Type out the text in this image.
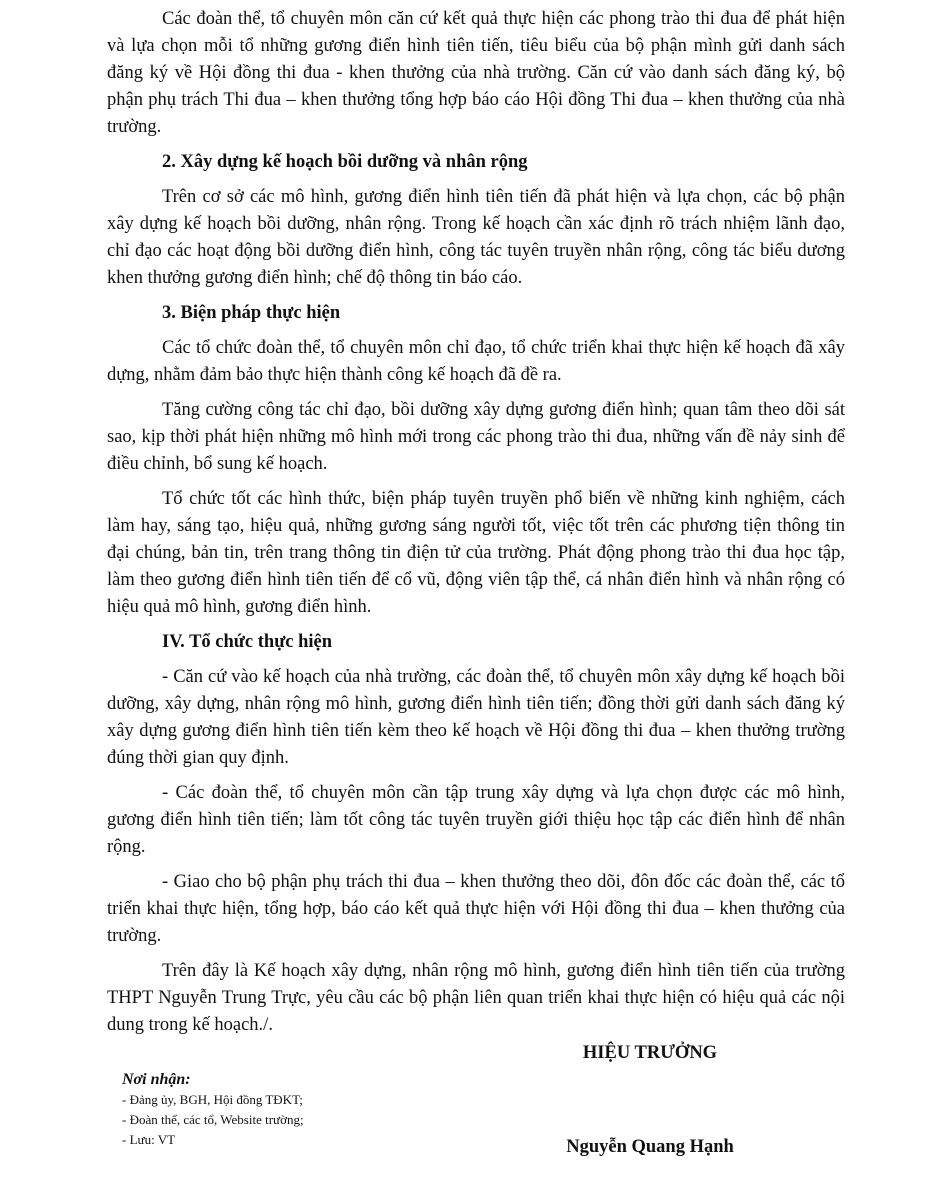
Các đoàn thể, tổ chuyên môn căn cứ kết quả thực hiện các phong trào thi đua để phát hiện và lựa chọn mỗi tổ những gương điển hình tiên tiến, tiêu biểu của bộ phận mình gửi danh sách đăng ký về Hội đồng thi đua - khen thưởng của nhà trường. Căn cứ vào danh sách đăng ký, bộ phận phụ trách Thi đua – khen thưởng tổng hợp báo cáo Hội đồng Thi đua – khen thưởng của nhà trường.

2. Xây dựng kế hoạch bồi dưỡng và nhân rộng

Trên cơ sở các mô hình, gương điển hình tiên tiến đã phát hiện và lựa chọn, các bộ phận xây dựng kế hoạch bồi dưỡng, nhân rộng. Trong kế hoạch cần xác định rõ trách nhiệm lãnh đạo, chỉ đạo các hoạt động bồi dưỡng điển hình, công tác tuyên truyền nhân rộng, công tác biểu dương khen thưởng gương điển hình; chế độ thông tin báo cáo.

3. Biện pháp thực hiện

Các tổ chức đoàn thể, tổ chuyên môn chỉ đạo, tổ chức triển khai thực hiện kế hoạch đã xây dựng, nhằm đảm bảo thực hiện thành công kế hoạch đã đề ra.

Tăng cường công tác chỉ đạo, bồi dưỡng xây dựng gương điển hình; quan tâm theo dõi sát sao, kịp thời phát hiện những mô hình mới trong các phong trào thi đua, những vấn đề nảy sinh để điều chỉnh, bổ sung kế hoạch.

Tổ chức tốt các hình thức, biện pháp tuyên truyền phổ biến về những kinh nghiệm, cách làm hay, sáng tạo, hiệu quả, những gương sáng người tốt, việc tốt trên các phương tiện thông tin đại chúng, bản tin, trên trang thông tin điện tử của trường. Phát động phong trào thi đua học tập, làm theo gương điển hình tiên tiến để cổ vũ, động viên tập thể, cá nhân điển hình và nhân rộng có hiệu quả mô hình, gương điển hình.

IV. Tổ chức thực hiện

- Căn cứ vào kế hoạch của nhà trường, các đoàn thể, tổ chuyên môn xây dựng kế hoạch bồi dưỡng, xây dựng, nhân rộng mô hình, gương điển hình tiên tiến; đồng thời gửi danh sách đăng ký xây dựng gương điển hình tiên tiến kèm theo kế hoạch về Hội đồng thi đua – khen thưởng trường đúng thời gian quy định.

- Các đoàn thể, tổ chuyên môn cần tập trung xây dựng và lựa chọn được các mô hình, gương điển hình tiên tiến; làm tốt công tác tuyên truyền giới thiệu học tập các điển hình để nhân rộng.

- Giao cho bộ phận phụ trách thi đua – khen thưởng theo dõi, đôn đốc các đoàn thể, các tổ triển khai thực hiện, tổng hợp, báo cáo kết quả thực hiện với Hội đồng thi đua – khen thưởng của trường.

Trên đây là Kế hoạch xây dựng, nhân rộng mô hình, gương điển hình tiên tiến của trường THPT Nguyễn Trung Trực, yêu cầu các bộ phận liên quan triển khai thực hiện có hiệu quả các nội dung trong kế hoạch./.

Nơi nhận:
- Đảng ủy, BGH, Hội đồng TĐKT;
- Đoàn thể, các tổ, Website trường;
- Lưu: VT
HIỆU TRƯỞNG
Nguyễn Quang Hạnh
